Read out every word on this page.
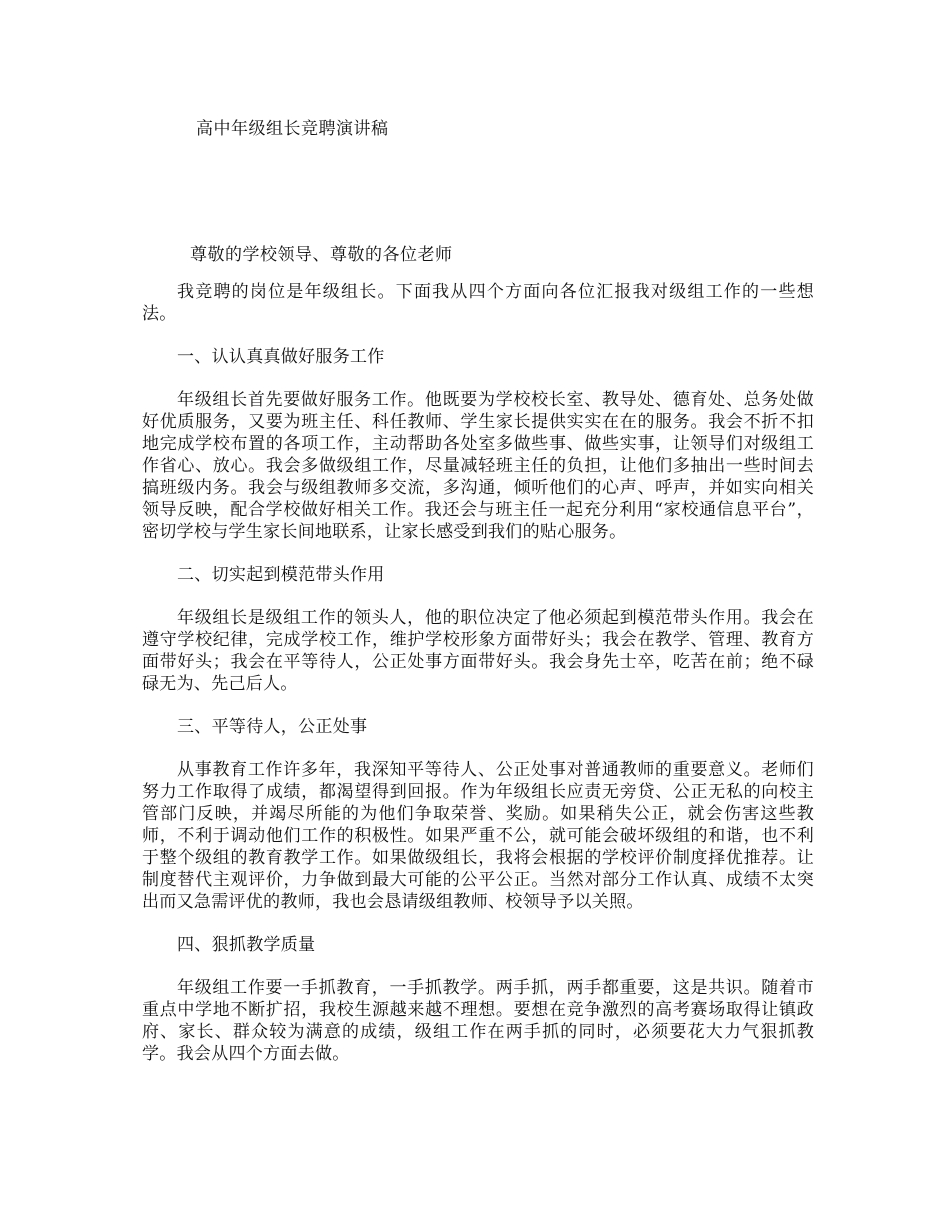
高中年级组长竞聘演讲稿
尊敬的学校领导、尊敬的各位老师

我竞聘的岗位是年级组长。下面我从四个方面向各位汇报我对级组工作的一些想法。

一、认认真真做好服务工作

年级组长首先要做好服务工作。他既要为学校校长室、教导处、德育处、总务处做好优质服务，又要为班主任、科任教师、学生家长提供实实在在的服务。我会不折不扣地完成学校布置的各项工作，主动帮助各处室多做些事、做些实事，让领导们对级组工作省心、放心。我会多做级组工作，尽量减轻班主任的负担，让他们多抽出一些时间去搞班级内务。我会与级组教师多交流，多沟通，倾听他们的心声、呼声，并如实向相关领导反映，配合学校做好相关工作。我还会与班主任一起充分利用“家校通信息平台”，密切学校与学生家长间地联系，让家长感受到我们的贴心服务。

二、切实起到模范带头作用

年级组长是级组工作的领头人，他的职位决定了他必须起到模范带头作用。我会在遵守学校纪律，完成学校工作，维护学校形象方面带好头；我会在教学、管理、教育方面带好头；我会在平等待人，公正处事方面带好头。我会身先士卒，吃苦在前；绝不碌碌无为、先己后人。

三、平等待人，公正处事

从事教育工作许多年，我深知平等待人、公正处事对普通教师的重要意义。老师们努力工作取得了成绩，都渴望得到回报。作为年级组长应责无旁贷、公正无私的向校主管部门反映，并竭尽所能的为他们争取荣誉、奖励。如果稍失公正，就会伤害这些教师，不利于调动他们工作的积极性。如果严重不公，就可能会破坏级组的和谐，也不利于整个级组的教育教学工作。如果做级组长，我将会根据的学校评价制度择优推荐。让制度替代主观评价，力争做到最大可能的公平公正。当然对部分工作认真、成绩不太突出而又急需评优的教师，我也会恳请级组教师、校领导予以关照。

四、狠抓教学质量

年级组工作要一手抓教育，一手抓教学。两手抓，两手都重要，这是共识。随着市重点中学地不断扩招，我校生源越来越不理想。要想在竞争激烈的高考赛场取得让镇政府、家长、群众较为满意的成绩，级组工作在两手抓的同时，必须要花大力气狠抓教学。我会从四个方面去做。
